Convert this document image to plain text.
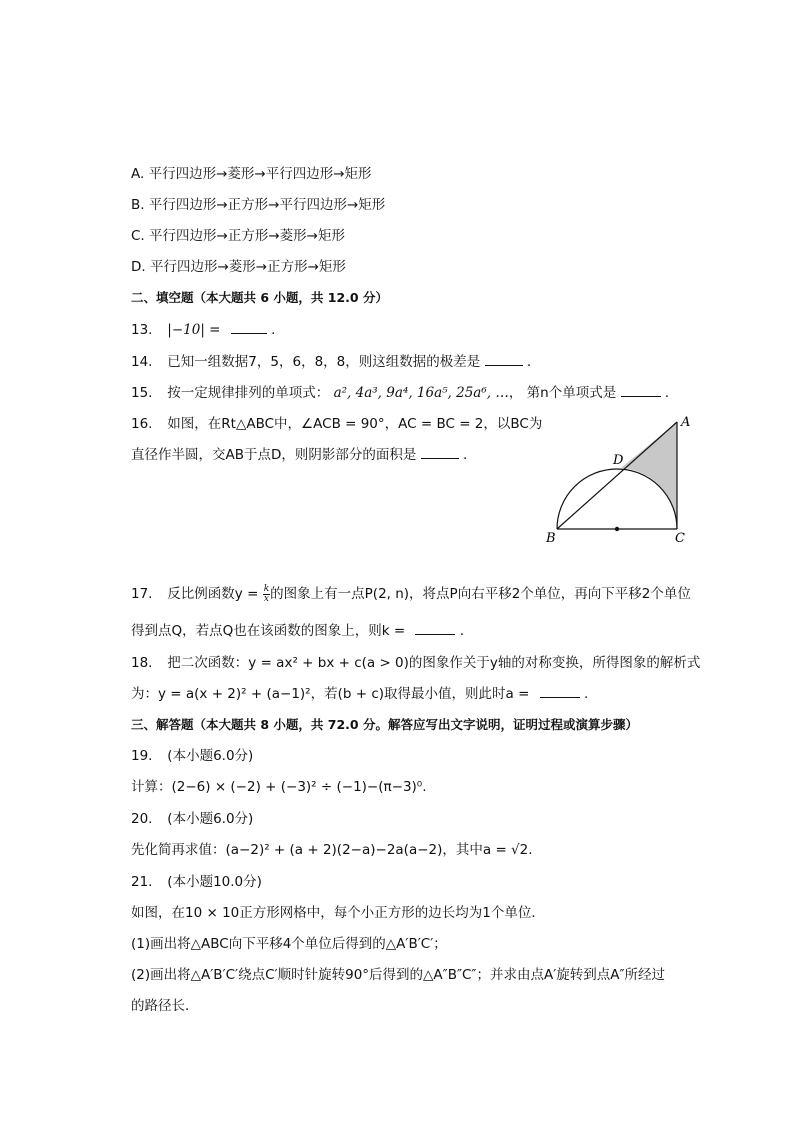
A. 平行四边形→菱形→平行四边形→矩形
B. 平行四边形→正方形→平行四边形→矩形
C. 平行四边形→正方形→菱形→矩形
D. 平行四边形→菱形→正方形→矩形
二、填空题（本大题共 6 小题，共 12.0 分）
13. |−10| =	.
14. 已知一组数据7，5，6，8，8，则这组数据的极差是	.
15. 按一定规律排列的单项式： a², 4a³, 9a⁴, 16a⁵, 25a⁶, …， 第n个单项式是	.
16. 如图，在Rt△ABC中，∠ACB = 90°，AC = BC = 2，以BC为
直径作半圆，交AB于点D，则阴影部分的面积是	.
A
B	C
D
17. 反比例函数$y = \frac{k}{x}$ 的图象上有一点P(2, n)，将点P向右平移2个单位，再向下平移2个单位
得到点Q，若点Q也在该函数的图象上，则k =	.
18. 把二次函数：y = ax² + bx + c(a > 0)的图象作关于y轴的对称变换，所得图象的解析式
为：y = a(x + 2)² + (a−1)²，若(b + c)取得最小值，则此时a =	.
三、解答题（本大题共 8 小题，共 72.0 分。解答应写出文字说明，证明过程或演算步骤）
19. (本小题6.0分)
计算：(2−6) × (−2) + (−3)² ÷ (−1)−(π−3)⁰.
20. (本小题6.0分)
先化简再求值：(a−2)² + (a + 2)(2−a)−2a(a−2)，其中a = √2.
21. (本小题10.0分)
如图，在10 × 10正方形网格中，每个小正方形的边长均为1个单位．
(1)画出将△ABC向下平移4个单位后得到的△A′B′C′；
(2)画出将△A′B′C′绕点C′顺时针旋转90°后得到的△A″B″C″；并求由点A′旋转到点A″所经过
的路径长．
